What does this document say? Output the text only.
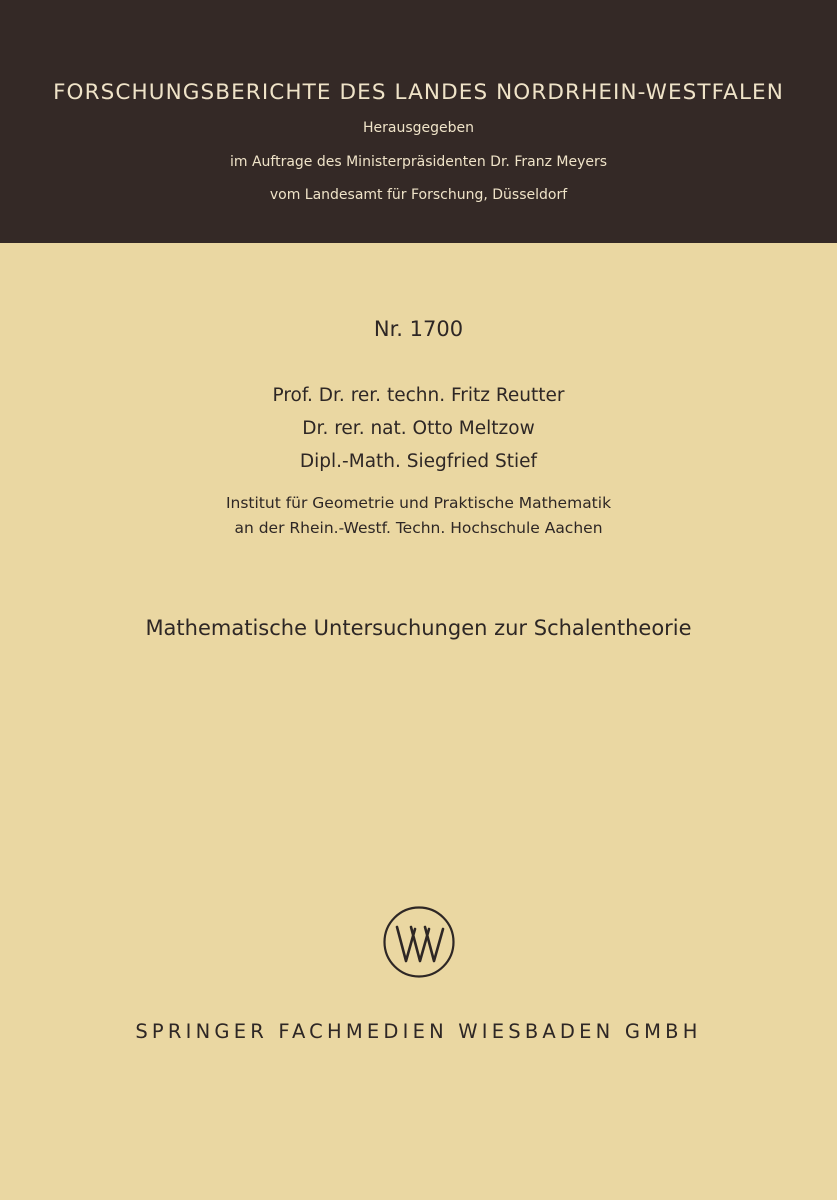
FORSCHUNGSBERICHTE DES LANDES NORDRHEIN-WESTFALEN
Herausgegeben
im Auftrage des Ministerpräsidenten Dr. Franz Meyers
vom Landesamt für Forschung, Düsseldorf
Nr. 1700
Prof. Dr. rer. techn. Fritz Reutter
Dr. rer. nat. Otto Meltzow
Dipl.-Math. Siegfried Stief
Institut für Geometrie und Praktische Mathematik
an der Rhein.-Westf. Techn. Hochschule Aachen
Mathematische Untersuchungen zur Schalentheorie
SPRINGER FACHMEDIEN WIESBADEN GMBH
